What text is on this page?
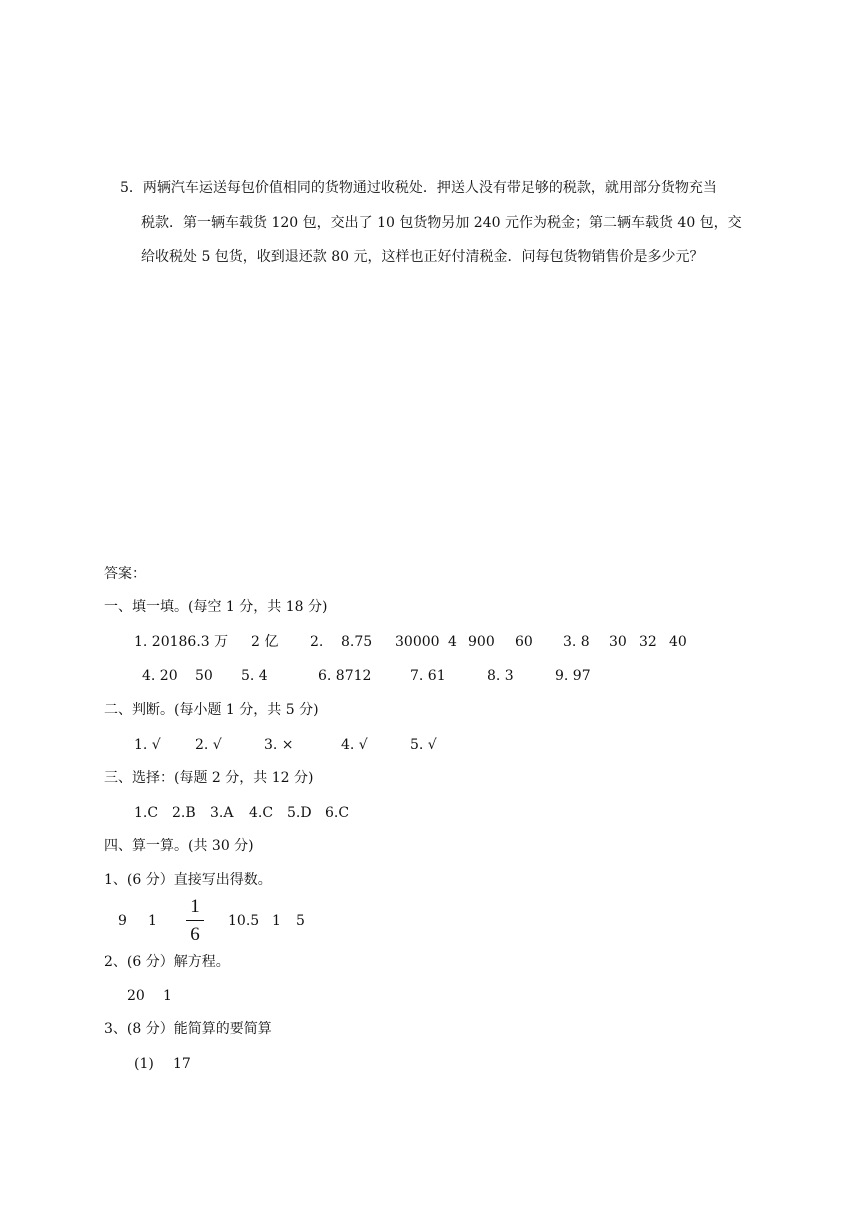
5．两辆汽车运送每包价值相同的货物通过收税处．押送人没有带足够的税款，就用部分货物充当
税款．第一辆车载货 120 包，交出了 10 包货物另加 240 元作为税金；第二辆车载货 40 包，交
给收税处 5 包货，收到退还款 80 元，这样也正好付清税金．问每包货物销售价是多少元？
答案：
一、填一填。(每空 1 分，共 18 分)
1. 20186.3 万 2 亿 2. 8.75 30000 4 900 60 3. 8 30 32 40
4. 20 50 5. 4	6. 8712	7. 61	8. 3	9. 97
二、判断。(每小题 1 分，共 5 分)
1. √ 2. √	3. ×	4. √	5. √
三、选择：(每题 2 分，共 12 分)
1.C 2.B 3.A 4.C 5.D 6.C
四、算一算。(共 30 分)
1、(6 分）直接写出得数。
9 1
1
6
10.5 1 5
2、(6 分）解方程。
20 1
3、(8 分）能简算的要简算
(1) 17
